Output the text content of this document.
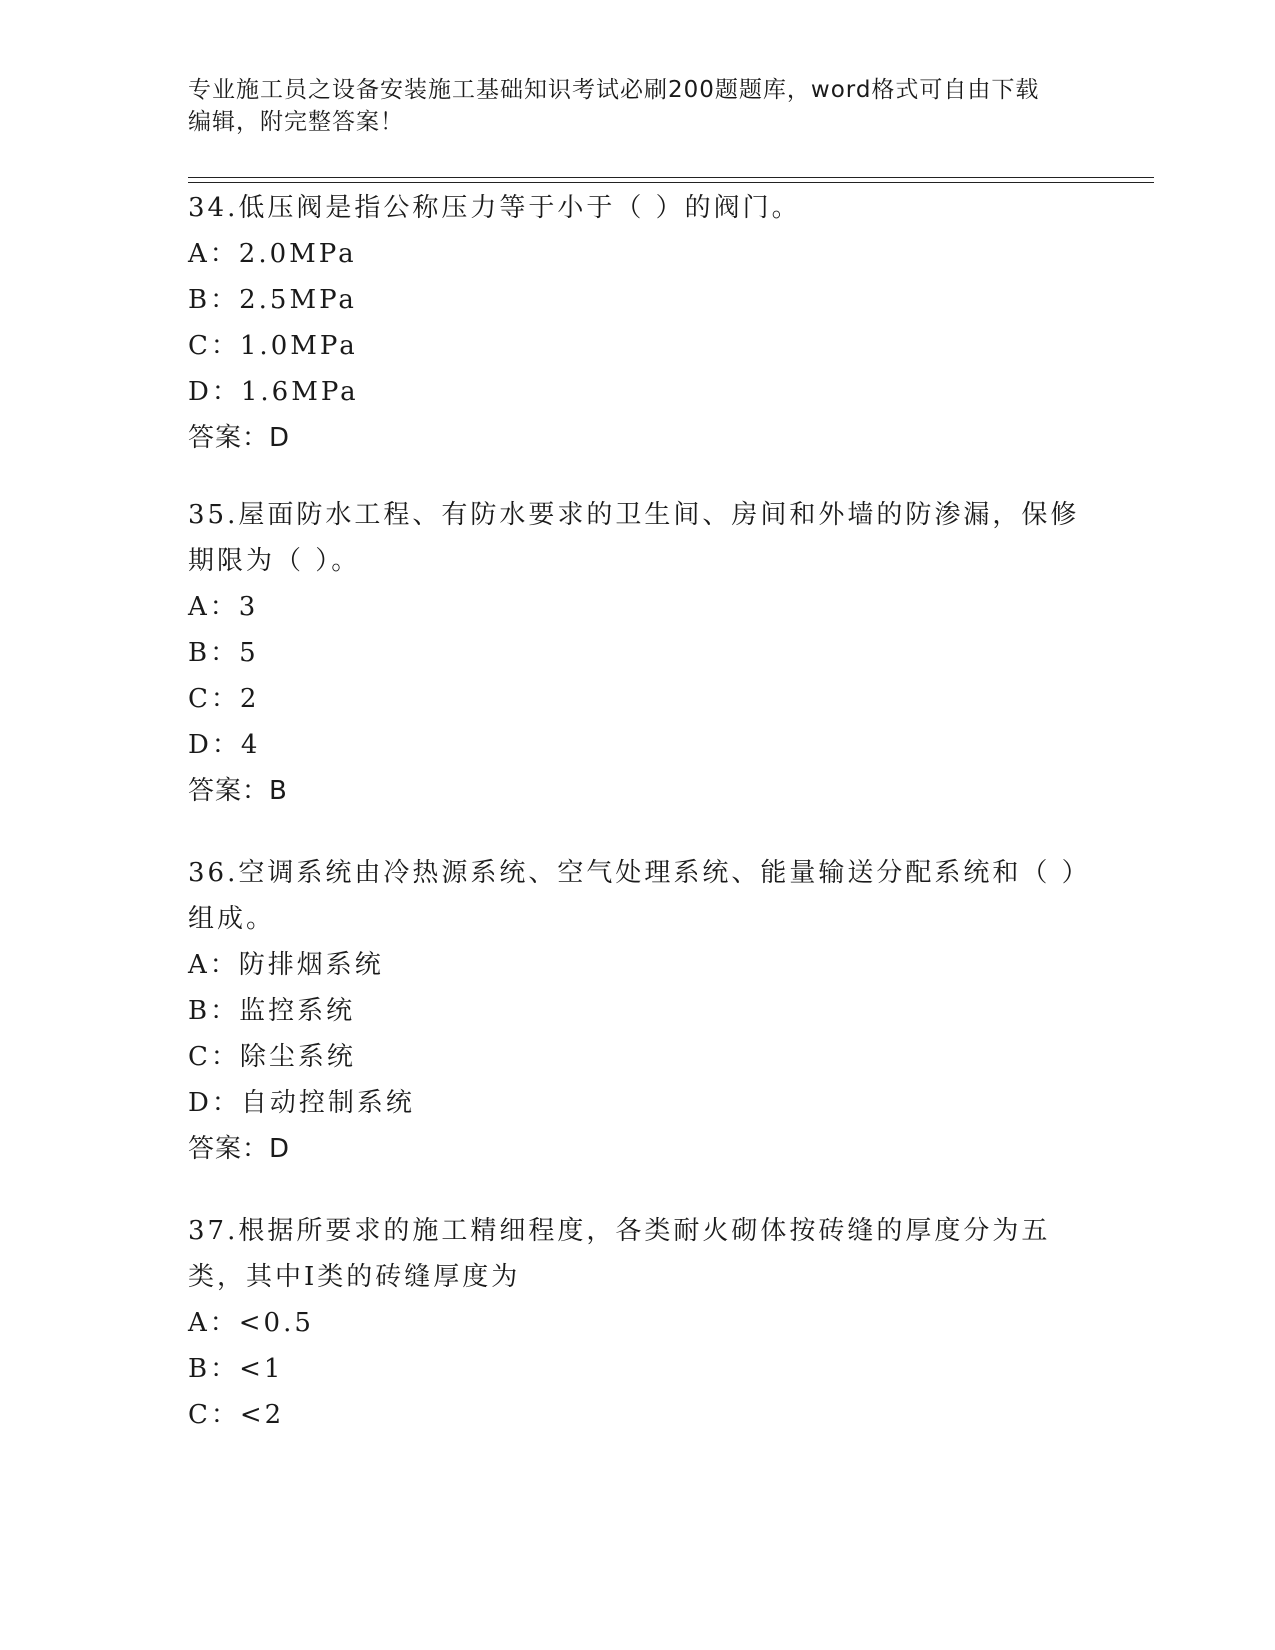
专业施工员之设备安装施工基础知识考试必刷200题题库，word格式可自由下载
编辑，附完整答案！
34.低压阀是指公称压力等于小于（ ）的阀门。
A：2.0MPa
B：2.5MPa
C：1.0MPa
D：1.6MPa
答案：D
35.屋面防水工程、有防水要求的卫生间、房间和外墙的防渗漏，保修期限为（ ）。
A：3
B：5
C：2
D：4
答案：B
36.空调系统由冷热源系统、空气处理系统、能量输送分配系统和（ ）组成。
A：防排烟系统
B：监控系统
C：除尘系统
D：自动控制系统
答案：D
37.根据所要求的施工精细程度，各类耐火砌体按砖缝的厚度分为五类，其中Ⅰ类的砖缝厚度为
A：<0.5
B：<1
C：<2
